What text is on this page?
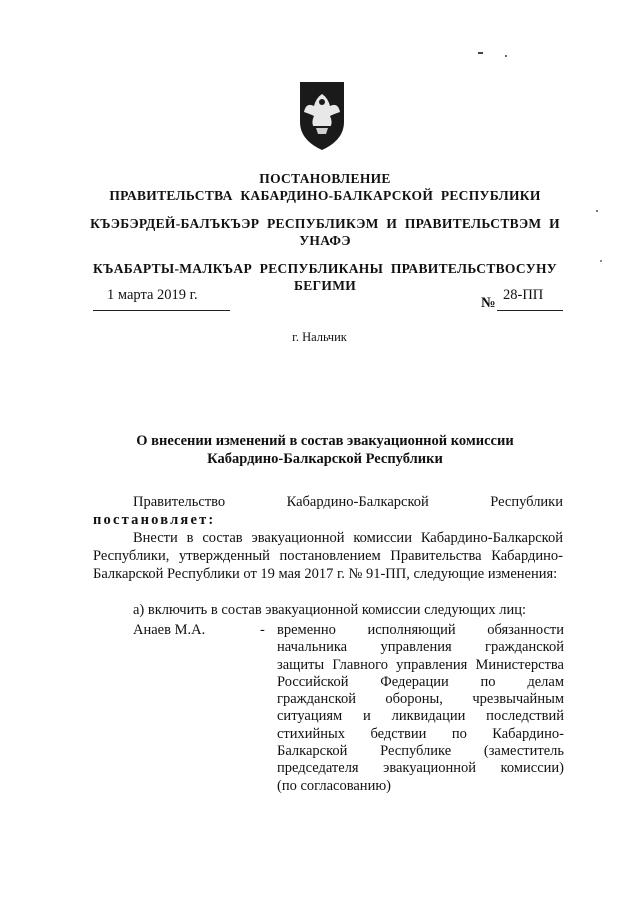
ПОСТАНОВЛЕНИЕ
ПРАВИТЕЛЬСТВА КАБАРДИНО-БАЛКАРСКОЙ РЕСПУБЛИКИ
КЪЭБЭРДЕЙ-БАЛЪКЪЭР РЕСПУБЛИКЭМ И ПРАВИТЕЛЬСТВЭМ И
УНАФЭ
КЪАБАРТЫ-МАЛКЪАР РЕСПУБЛИКАНЫ ПРАВИТЕЛЬСТВОСУНУ
БЕГИМИ
1 марта 2019 г.	№ 28-ПП
г. Нальчик
О внесении изменений в состав эвакуационной комиссии
Кабардино-Балкарской Республики
Правительство	Кабардино-Балкарской	Республики
постановляет:
Внести в состав эвакуационной комиссии Кабардино-Балкарской Республики, утвержденный постановлением Правительства Кабардино-Балкарской Республики от 19 мая 2017 г. № 91-ПП, следующие изменения:
а) включить в состав эвакуационной комиссии следующих лиц:
Анаев М.А.	- временно исполняющий обязанности
начальника управления гражданской
защиты Главного управления Министерства
Российской Федерации по делам
гражданской обороны, чрезвычайным
ситуациям и ликвидации последствий
стихийных бедствии по Кабардино-
Балкарской Республике (заместитель
председателя эвакуационной комиссии)
(по согласованию)
